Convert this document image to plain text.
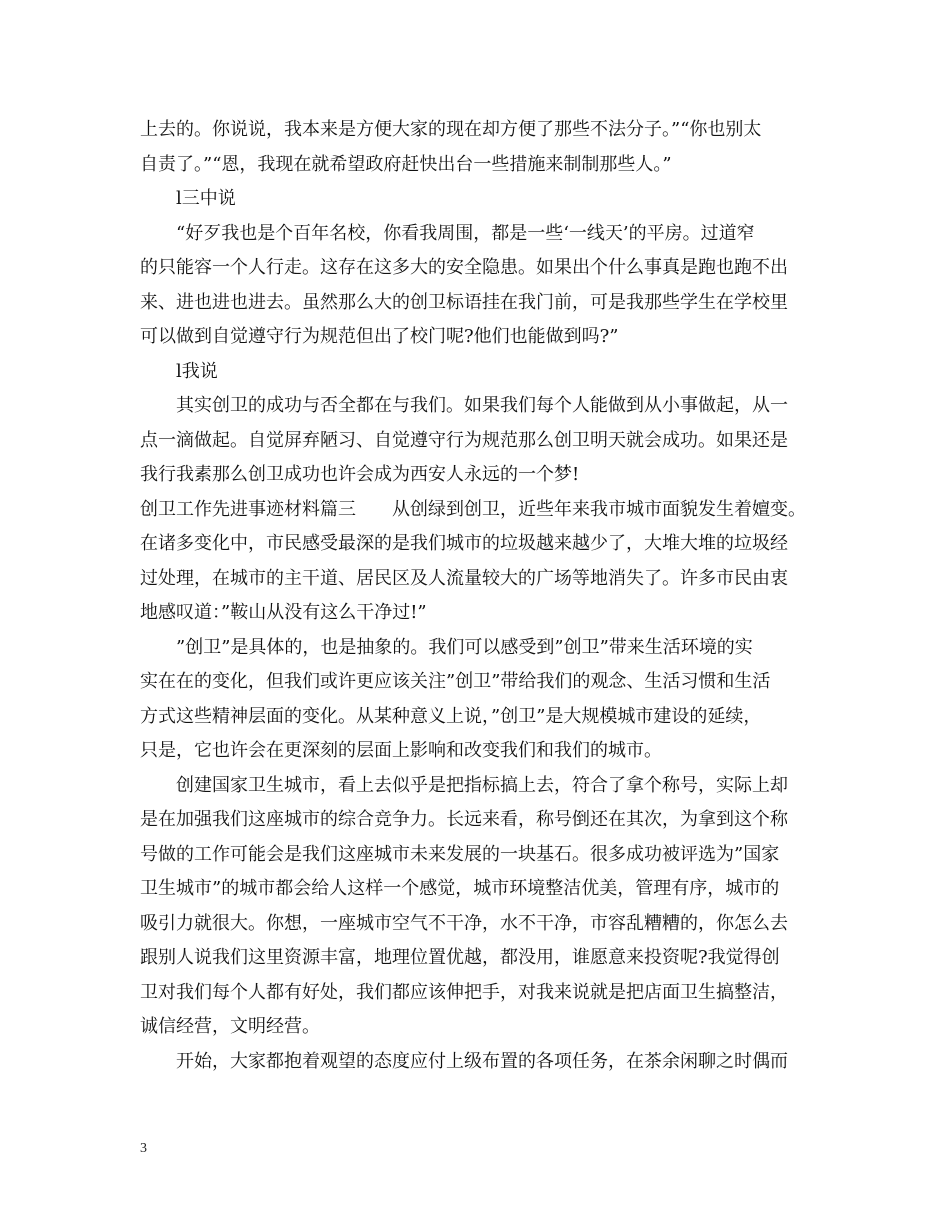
上去的。你说说，我本来是方便大家的现在却方便了那些不法分子。”“你也别太
自责了。”“恩，我现在就希望政府赶快出台一些措施来制制那些人。”
l三中说
“好歹我也是个百年名校，你看我周围，都是一些‘一线天’的平房。过道窄
的只能容一个人行走。这存在这多大的安全隐患。如果出个什么事真是跑也跑不出
来、进也进也进去。虽然那么大的创卫标语挂在我门前，可是我那些学生在学校里
可以做到自觉遵守行为规范但出了校门呢?他们也能做到吗?”
l我说
其实创卫的成功与否全都在与我们。如果我们每个人能做到从小事做起，从一
点一滴做起。自觉屏弃陋习、自觉遵守行为规范那么创卫明天就会成功。如果还是
我行我素那么创卫成功也许会成为西安人永远的一个梦!
创卫工作先进事迹材料篇三　　从创绿到创卫，近些年来我市城市面貌发生着嬗变。
在诸多变化中，市民感受最深的是我们城市的垃圾越来越少了，大堆大堆的垃圾经
过处理，在城市的主干道、居民区及人流量较大的广场等地消失了。许多市民由衷
地感叹道：”鞍山从没有这么干净过!”
”创卫”是具体的，也是抽象的。我们可以感受到”创卫”带来生活环境的实
实在在的变化，但我们或许更应该关注”创卫”带给我们的观念、生活习惯和生活
方式这些精神层面的变化。从某种意义上说，”创卫”是大规模城市建设的延续，
只是，它也许会在更深刻的层面上影响和改变我们和我们的城市。
创建国家卫生城市，看上去似乎是把指标搞上去，符合了拿个称号，实际上却
是在加强我们这座城市的综合竞争力。长远来看，称号倒还在其次，为拿到这个称
号做的工作可能会是我们这座城市未来发展的一块基石。很多成功被评选为”国家
卫生城市”的城市都会给人这样一个感觉，城市环境整洁优美，管理有序，城市的
吸引力就很大。你想，一座城市空气不干净，水不干净，市容乱糟糟的，你怎么去
跟别人说我们这里资源丰富，地理位置优越，都没用，谁愿意来投资呢?我觉得创
卫对我们每个人都有好处，我们都应该伸把手，对我来说就是把店面卫生搞整洁，
诚信经营，文明经营。
开始，大家都抱着观望的态度应付上级布置的各项任务，在茶余闲聊之时偶而
3
